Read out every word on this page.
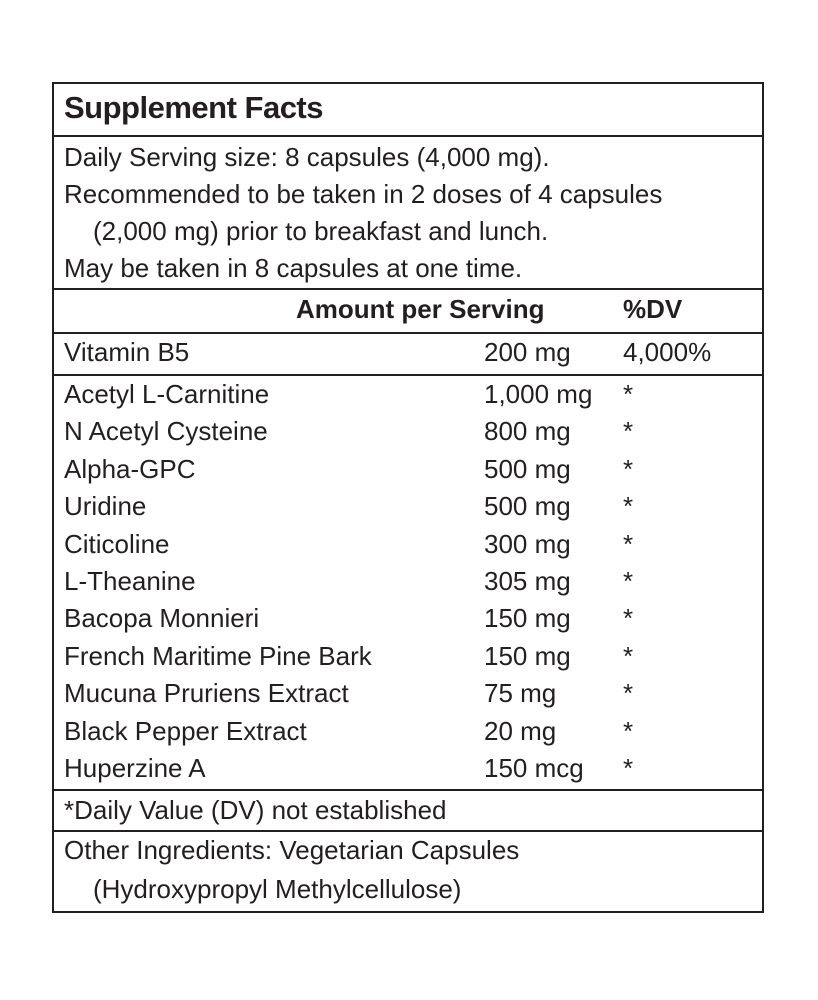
Supplement Facts
Daily Serving size: 8 capsules (4,000 mg).
Recommended to be taken in 2 doses of 4 capsules
(2,000 mg) prior to breakfast and lunch.
May be taken in 8 capsules at one time.
Amount per Serving	%DV
Vitamin B5	200 mg 4,000%
Acetyl L-Carnitine	1,000 mg *
N Acetyl Cysteine	800 mg *
Alpha-GPC	500 mg *
Uridine	500 mg *
Citicoline	300 mg *
L-Theanine	305 mg *
Bacopa Monnieri	150 mg *
French Maritime Pine Bark	150 mg *
Mucuna Pruriens Extract	75 mg	*
Black Pepper Extract	20 mg	*
Huperzine A	150 mcg *
*Daily Value (DV) not established
Other Ingredients: Vegetarian Capsules
(Hydroxypropyl Methylcellulose)
